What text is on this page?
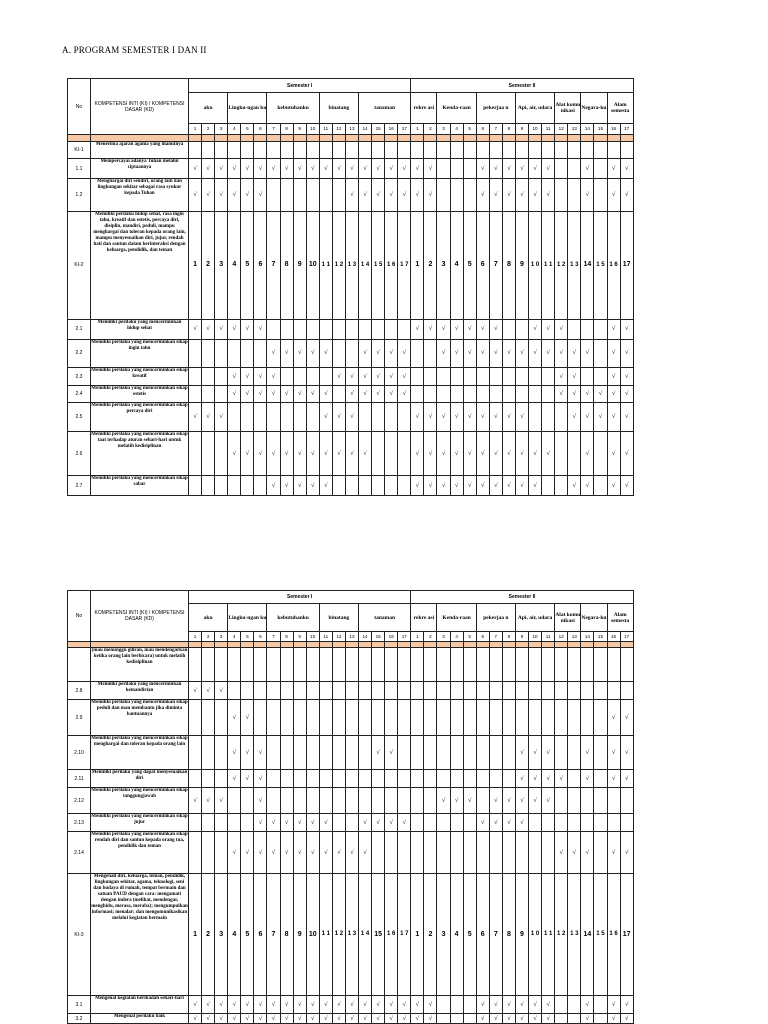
A. PROGRAM SEMESTER I DAN II
No	KOMPETENSI INTI (KI) / KOMPETENSI DASAR (KD)	Semester I																	Semester II																
		aku			Lingku-ngan ku			kebutuhanku				binatang			tanaman				rekre asi		Kenda-raan			pekerjaa n			Api, air, udara			Alat komu nikasi		Negara-ku		Alam semesta	
		1	2	3	4	5	6	7	8	9	10	11	12	13	14	15	16	17	1	2	3	4	5	6	7	8	9	10	11	12	13	14	15	16	17

KI-1	Menerima ajaran agama yang dianutnya																																		
1.1	Mempercayai adanya Tuhan melalui ciptaannya	√	√	√	√	√	√	√	√	√	√	√	√	√	√	√	√	√	√	√				√	√	√	√	√	√			√		√	√
1.2	Menghargai diri sendiri, orang lain dan lingkungan sekitar sebagai rasa syukur kepada Tuhan	√	√	√	√	√	√							√	√	√	√	√	√	√				√	√	√	√	√	√			√		√	√
KI-2	Memiliki perilaku hidup sehat, rasa ingin tahu, kreatif dan estetis, percaya diri, disiplin, mandiri, peduli, mampu menghargai dan toleran kepada orang lain, mampu menyesuaikan diri, jujur, rendah hati dan santun dalam berinteraksi dengan keluarga, pendidik, dan teman	1	2	3	4	5	6	7	8	9	10	1 1	1 2	1 3	1 4	1 5	1 6	1 7	1	2	3	4	5	6	7	8	9	1 0	1 1	1 2	1 3	14	1 5	1 6	17
2.1	Memiliki perilaku yang mencerminkan hidup sehat	√	√	√	√	√	√												√	√	√	√	√	√	√			√	√	√				√	√
2.2	Memiliki perilaku yang mencerminkan sikap ingin tahu							√	√	√	√	√			√	√	√	√			√	√	√	√	√	√	√	√	√	√	√	√		√	√
2.3	Memiliki perilaku yang mencerminkan sikap kreatif				√	√	√	√					√	√	√	√	√	√												√	√			√	√
2.4	Memiliki perilaku yang mencerminkan sikap estetis				√	√	√	√	√	√	√	√		√	√	√	√	√												√	√	√	√	√	√
2.5	Memiliki perilaku yang mencerminkan sikap percaya diri	√	√	√								√	√	√					√	√	√	√	√	√	√	√	√				√	√	√	√	√
2.6	Memiliki perilaku yang mencerminkan sikap taat terhadap aturan sehari-hari untuk melatih kedisiplinan				√	√	√	√	√	√	√	√	√	√	√				√	√	√	√	√	√	√	√	√	√	√			√		√	√
2.7	Memiliki perilaku yang mencerminkan sikap sabar							√	√	√	√	√							√	√	√	√	√	√	√	√	√	√			√	√		√	√
No	KOMPETENSI INTI (KI) / KOMPETENSI DASAR (KD)	Semester I																	Semester II																
		aku			Lingku-ngan ku			kebutuhanku				binatang			tanaman				rekre asi		Kenda-raan			pekerjaa n			Api, air, udara			Alat komu nikasi		Negara-ku		Alam semesta	
		1	2	3	4	5	6	7	8	9	10	11	12	13	14	15	16	17	1	2	3	4	5	6	7	8	9	10	11	12	13	14	15	16	17

	(mau menunggu giliran, mau mendengarkan ketika orang lain berbicara) untuk melatih kedisiplinan																																		
2.8	Memiliki perilaku yang mencerminkan kemandirian	√	√	√																															
2.9	Memiliki perilaku yang mencerminkan sikap peduli dan mau membantu jika diminta bantuannya				√	√																												√	√
2.10	Memiliki perilaku yang mencerminkan sikap menghargai dan toleran kepada orang lain				√	√	√									√	√										√	√	√			√		√	√
2.11	Memiliki perilaku yang dapat menyesuaikan diri				√	√	√																				√	√	√	√		√		√	√
2.12	Memiliki perilaku yang mencerminkan sikap tanggungjawab	√	√	√			√														√	√	√		√	√	√	√	√						
2.13	Memiliki perilaku yang mencerminkan sikap jujur						√	√	√	√	√	√			√	√	√	√						√	√	√	√								
2.14	Memiliki perilaku yang mencerminkan sikap rendah diri dan santun kepada orang tua, pendidik dan teman				√	√	√	√	√	√	√	√	√	√	√															√	√	√		√	√
KI-3	Mengenali diri, keluarga, teman, pendidik, lingkungan sekitar, agama, teknologi, seni dan budaya di rumah, tempat bermain dan satuan PAUD dengan cara: mengamati dengan indera (melihat, mendengar, menghidu, merasa, meraba); mengumpulkan informasi; menalar; dan mengomunikasikan melalui kegiatan bermain	1	2	3	4	5	6	7	8	9	10	1 1	1 2	1 3	1 4	15	1 6	1 7	1	2	3	4	5	6	7	8	9	1 0	1 1	1 2	1 3	14	1 5	1 6	17
3.1	Mengenal kegiatan beribadah sehari-hari	√	√	√	√	√	√	√	√	√	√	√	√	√	√	√	√	√	√	√				√	√	√	√	√	√			√		√	√
3.2	Mengenal perilaku baik	√	√	√	√	√	√	√	√	√	√	√	√	√	√	√	√	√	√	√				√	√	√	√	√	√			√		√	√
